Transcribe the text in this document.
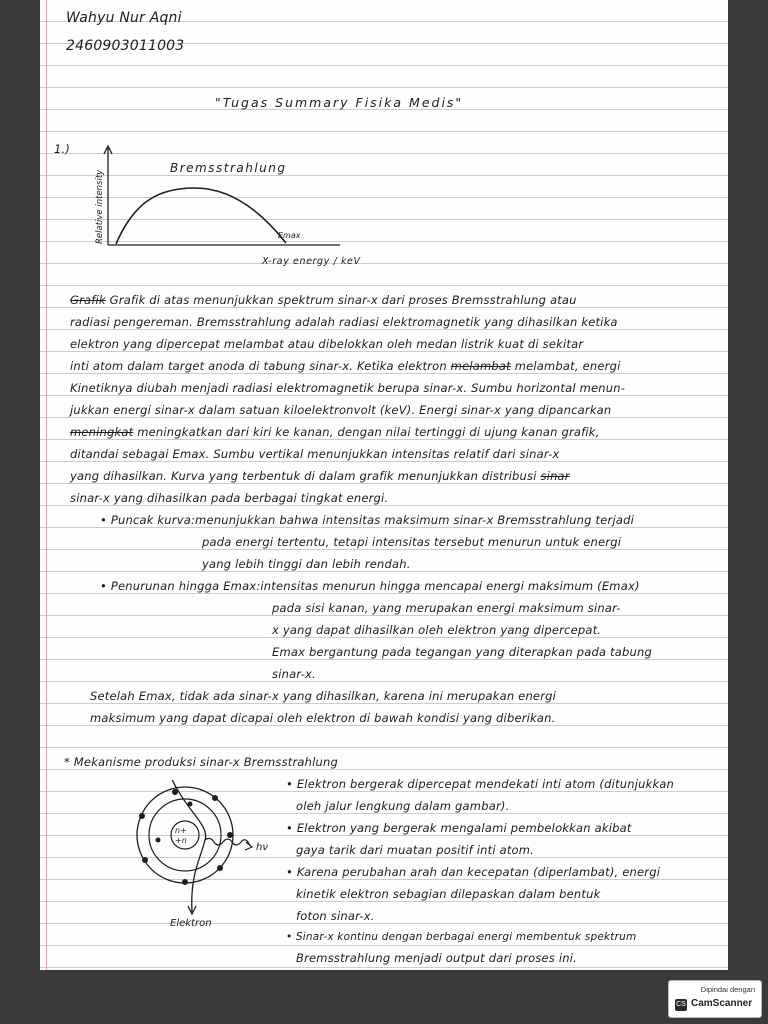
Wahyu Nur Aqni
2460903011003
"Tugas Summary Fisika Medis"
1.)
Bremsstrahlung
Relative intensity
X-ray energy / keV
Emax
Grafik Grafik di atas menunjukkan spektrum sinar-x dari proses Bremsstrahlung atau
radiasi pengereman. Bremsstrahlung adalah radiasi elektromagnetik yang dihasilkan ketika
elektron yang dipercepat melambat atau dibelokkan oleh medan listrik kuat di sekitar
inti atom dalam target anoda di tabung sinar-x. Ketika elektron melambat melambat, energi
Kinetiknya diubah menjadi radiasi elektromagnetik berupa sinar-x. Sumbu horizontal menun-
jukkan energi sinar-x dalam satuan kiloelektronvolt (keV). Energi sinar-x yang dipancarkan
meningkat meningkatkan dari kiri ke kanan, dengan nilai tertinggi di ujung kanan grafik,
ditandai sebagai Emax. Sumbu vertikal menunjukkan intensitas relatif dari sinar-x
yang dihasilkan. Kurva yang terbentuk di dalam grafik menunjukkan distribusi sinar
sinar-x yang dihasilkan pada berbagai tingkat energi.
• Puncak kurva:menunjukkan bahwa intensitas maksimum sinar-x Bremsstrahlung terjadi
pada energi tertentu, tetapi intensitas tersebut menurun untuk energi
yang lebih tinggi dan lebih rendah.
• Penurunan hingga Emax:intensitas menurun hingga mencapai energi maksimum (Emax)
pada sisi kanan, yang merupakan energi maksimum sinar-
x yang dapat dihasilkan oleh elektron yang dipercepat.
Emax bergantung pada tegangan yang diterapkan pada tabung
sinar-x.
Setelah Emax, tidak ada sinar-x yang dihasilkan, karena ini merupakan energi
maksimum yang dapat dicapai oleh elektron di bawah kondisi yang diberikan.
* Mekanisme produksi sinar-x Bremsstrahlung
n+
+n
hν
Elektron
• Elektron bergerak dipercepat mendekati inti atom (ditunjukkan
oleh jalur lengkung dalam gambar).
• Elektron yang bergerak mengalami pembelokkan akibat
gaya tarik dari muatan positif inti atom.
• Karena perubahan arah dan kecepatan (diperlambat), energi
kinetik elektron sebagian dilepaskan dalam bentuk
foton sinar-x.
• Sinar-x kontinu dengan berbagai energi membentuk spektrum
Bremsstrahlung menjadi output dari proses ini.
Dipindai dengan
CS CamScanner
